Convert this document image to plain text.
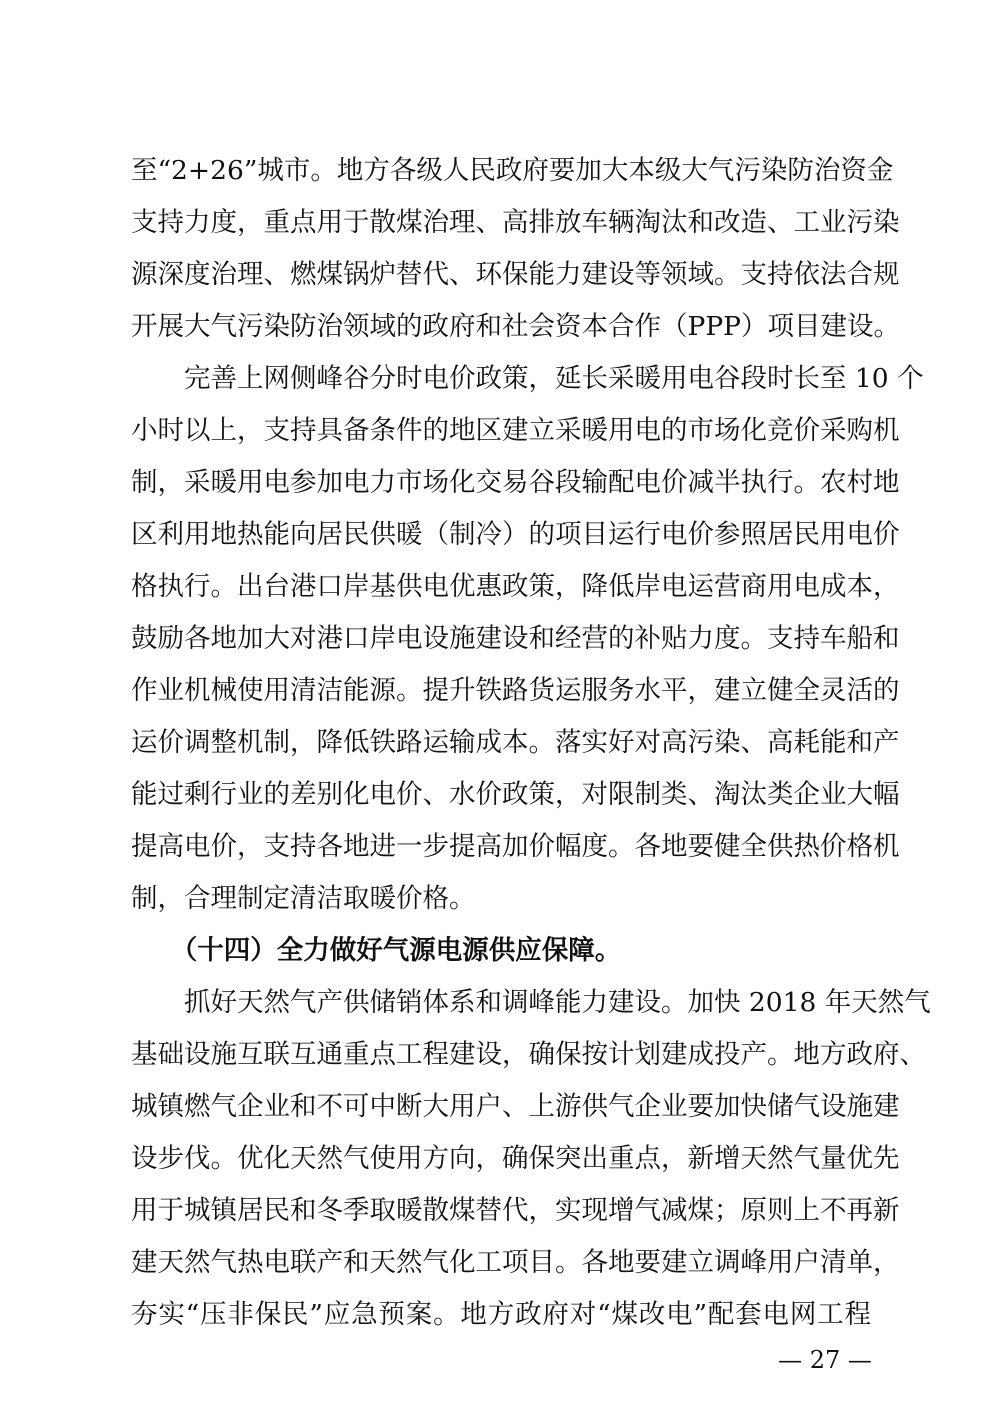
至“2+26”城市。地方各级人民政府要加大本级大气污染防治资金
支持力度，重点用于散煤治理、高排放车辆淘汰和改造、工业污染
源深度治理、燃煤锅炉替代、环保能力建设等领域。支持依法合规
开展大气污染防治领域的政府和社会资本合作（PPP）项目建设。
　　完善上网侧峰谷分时电价政策，延长采暖用电谷段时长至 10 个
小时以上，支持具备条件的地区建立采暖用电的市场化竞价采购机
制，采暖用电参加电力市场化交易谷段输配电价减半执行。农村地
区利用地热能向居民供暖（制冷）的项目运行电价参照居民用电价
格执行。出台港口岸基供电优惠政策，降低岸电运营商用电成本，
鼓励各地加大对港口岸电设施建设和经营的补贴力度。支持车船和
作业机械使用清洁能源。提升铁路货运服务水平，建立健全灵活的
运价调整机制，降低铁路运输成本。落实好对高污染、高耗能和产
能过剩行业的差别化电价、水价政策，对限制类、淘汰类企业大幅
提高电价，支持各地进一步提高加价幅度。各地要健全供热价格机
制，合理制定清洁取暖价格。
　　（十四）全力做好气源电源供应保障。
　　抓好天然气产供储销体系和调峰能力建设。加快 2018 年天然气
基础设施互联互通重点工程建设，确保按计划建成投产。地方政府、
城镇燃气企业和不可中断大用户、上游供气企业要加快储气设施建
设步伐。优化天然气使用方向，确保突出重点，新增天然气量优先
用于城镇居民和冬季取暖散煤替代，实现增气减煤；原则上不再新
建天然气热电联产和天然气化工项目。各地要建立调峰用户清单，
夯实“压非保民”应急预案。地方政府对“煤改电”配套电网工程
— 27 —
